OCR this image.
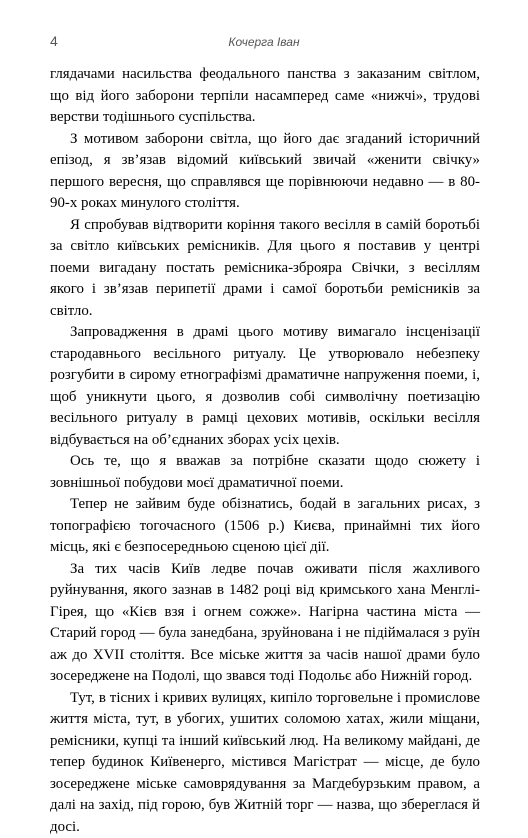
4	Кочерга Іван

глядачами насильства феодального панства з заказаним світлом, що від його заборони терпіли насамперед саме «нижчі», трудові верстви тодішнього суспільства.

З мотивом заборони світла, що його дає згаданий історичний епізод, я зв’язав відомий київський звичай «женити свічку» першого вересня, що справлявся ще порівнюючи недавно — в 80-90-х роках минулого століття.

Я спробував відтворити коріння такого весілля в самій боротьбі за світло київських ремісників. Для цього я поставив у центрі поеми вигадану постать ремісника-зброяра Свічки, з весіллям якого і зв’язав перипетії драми і самої боротьби ремісників за світло.

Запровадження в драмі цього мотиву вимагало інсценізації стародавнього весільного ритуалу. Це утворювало небезпеку розгубити в сирому етнографізмі драматичне напруження поеми, і, щоб уникнути цього, я дозволив собі символічну поетизацію весільного ритуалу в рамці цехових мотивів, оскільки весілля відбувається на об’єднаних зборах усіх цехів.

Ось те, що я вважав за потрібне сказати щодо сюжету і зовнішньої побудови моєї драматичної поеми.

Тепер не зайвим буде обізнатись, бодай в загальних рисах, з топографією тогочасного (1506 р.) Києва, принаймні тих його місць, які є безпосередньою сценою цієї дії.

За тих часів Київ ледве почав оживати після жахливого руйнування, якого зазнав в 1482 році від кримського хана Менглі-Гірея, що «Кієв взя і огнем сожже». Нагірна частина міста — Старий город — була занедбана, зруйнована і не підіймалася з руїн аж до XVII століття. Все міське життя за часів нашої драми було зосереджене на Подолі, що звався тоді Подольє або Нижній город.

Тут, в тісних і кривих вулицях, кипіло торговельне і промислове життя міста, тут, в убогих, ушитих соломою хатах, жили міщани, ремісники, купці та інший київський люд. На великому майдані, де тепер будинок Київенерго, містився Магістрат — місце, де було зосереджене міське самоврядування за Магдебурзьким правом, а далі на захід, під горою, був Житній торг — назва, що збереглася й досі.
